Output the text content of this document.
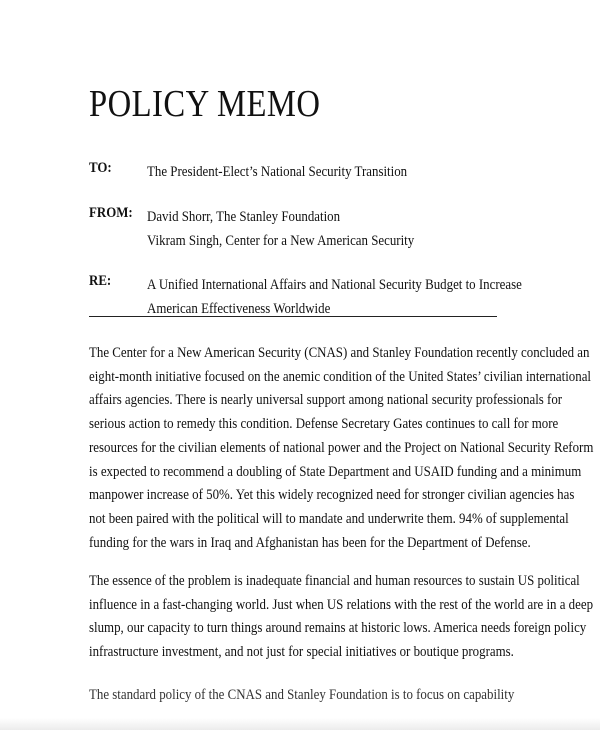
POLICY MEMO
TO: The President-Elect’s National Security Transition
FROM: David Shorr, The Stanley Foundation
Vikram Singh, Center for a New American Security
RE: A Unified International Affairs and National Security Budget to Increase
American Effectiveness Worldwide
The Center for a New American Security (CNAS) and Stanley Foundation recently concluded an
eight-month initiative focused on the anemic condition of the United States’ civilian international
affairs agencies. There is nearly universal support among national security professionals for
serious action to remedy this condition. Defense Secretary Gates continues to call for more
resources for the civilian elements of national power and the Project on National Security Reform
is expected to recommend a doubling of State Department and USAID funding and a minimum
manpower increase of 50%. Yet this widely recognized need for stronger civilian agencies has
not been paired with the political will to mandate and underwrite them. 94% of supplemental
funding for the wars in Iraq and Afghanistan has been for the Department of Defense.
The essence of the problem is inadequate financial and human resources to sustain US political
influence in a fast-changing world. Just when US relations with the rest of the world are in a deep
slump, our capacity to turn things around remains at historic lows. America needs foreign policy
infrastructure investment, and not just for special initiatives or boutique programs.
The standard policy of the CNAS and Stanley Foundation is to focus on capability
